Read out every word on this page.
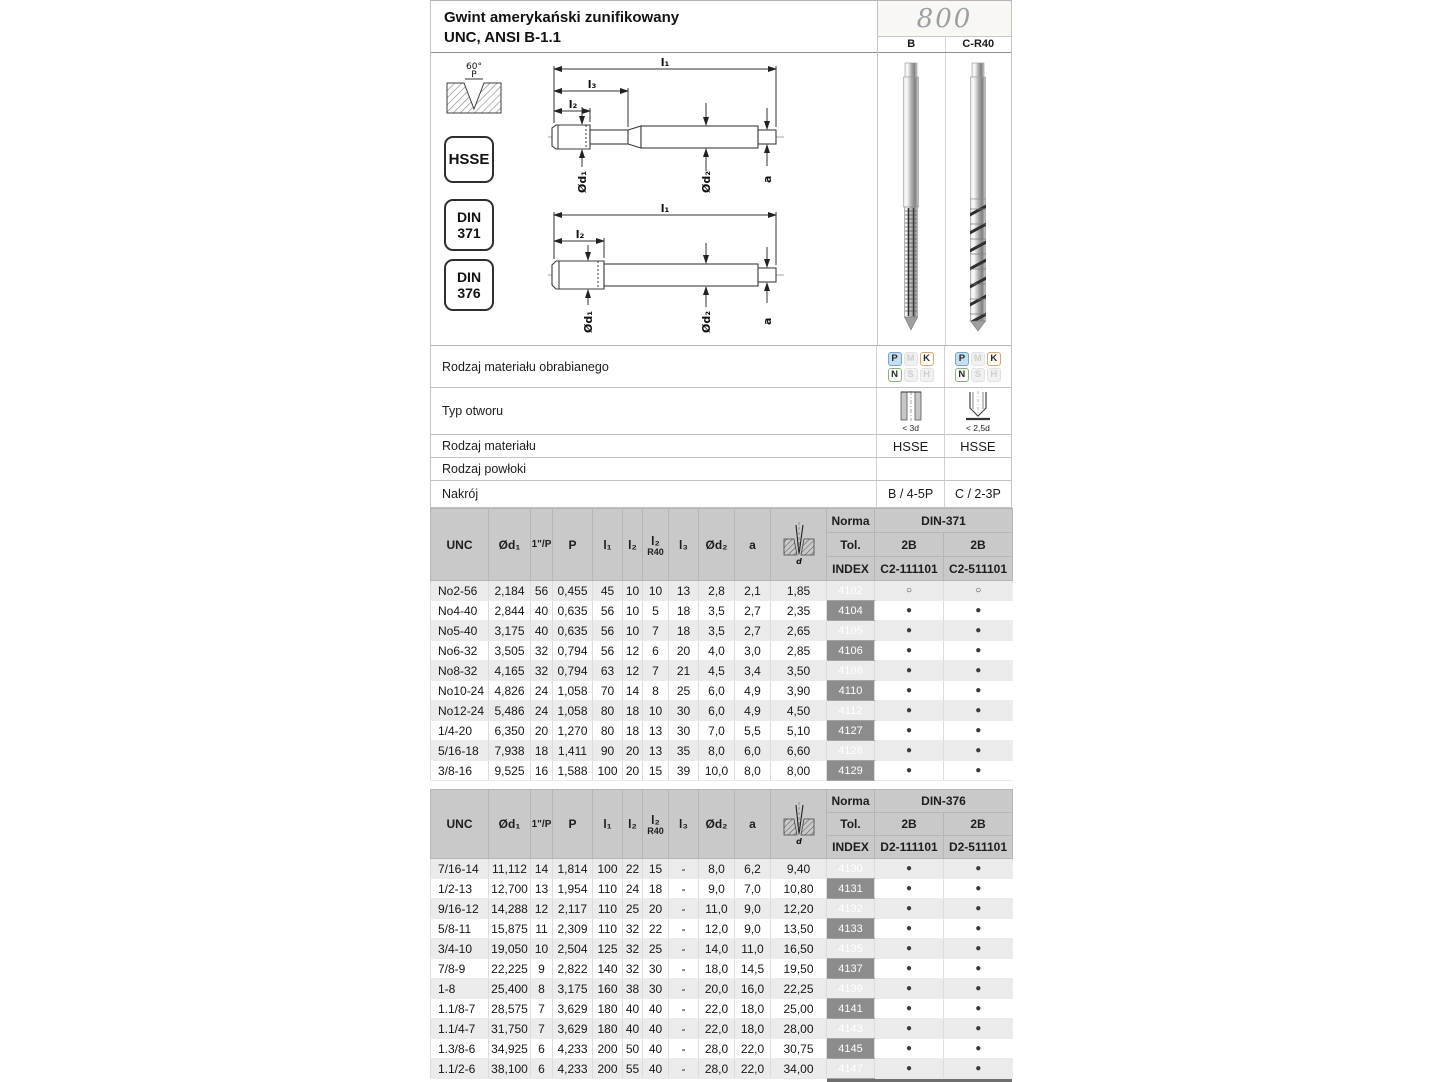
Gwint amerykański zunifikowany
UNC, ANSI B-1.1
60°
P
HSSE
DIN
371
DIN
376
l₁
l₃
l₂
Ød₁	Ød₂	a
l₁
l₂
Ød₁	Ød₂	a
800
B	C-R40
Rodzaj materiału obrabianego
P M K
N S H
P M K
N S H
Typ otworu
< 3d	< 2,5d
Rodzaj materiału	HSSE	HSSE
Rodzaj powłoki
Nakrój	B / 4-5P	C / 2-3P
UNC	Ød₁	1"/P	P	l₁	l₂	l₂
R40	l₃	Ød₂	a	d	Norma	DIN-371	
											Tol.	2B	2B
											INDEX	C2-111101	C2-511101
No2-56	2,184	56	0,455	45	10	10	13	2,8	2,1	1,85	4102	○	○
No4-40	2,844	40	0,635	56	10	5	18	3,5	2,7	2,35	4104	●	●
No5-40	3,175	40	0,635	56	10	7	18	3,5	2,7	2,65	4105	●	●
No6-32	3,505	32	0,794	56	12	6	20	4,0	3,0	2,85	4106	●	●
No8-32	4,165	32	0,794	63	12	7	21	4,5	3,4	3,50	4108	●	●
No10-24	4,826	24	1,058	70	14	8	25	6,0	4,9	3,90	4110	●	●
No12-24	5,486	24	1,058	80	18	10	30	6,0	4,9	4,50	4112	●	●
1/4-20	6,350	20	1,270	80	18	13	30	7,0	5,5	5,10	4127	●	●
5/16-18	7,938	18	1,411	90	20	13	35	8,0	6,0	6,60	4128	●	●
3/8-16	9,525	16	1,588	100	20	15	39	10,0	8,0	8,00	4129	●	●
UNC	Ød₁	1"/P	P	l₁	l₂	l₂
R40	l₃	Ød₂	a	d	Norma	DIN-376	
											Tol.	2B	2B
											INDEX	D2-111101	D2-511101
7/16-14	11,112	14	1,814	100	22	15	-	8,0	6,2	9,40	4130	●	●
1/2-13	12,700	13	1,954	110	24	18	-	9,0	7,0	10,80	4131	●	●
9/16-12	14,288	12	2,117	110	25	20	-	11,0	9,0	12,20	4132	●	●
5/8-11	15,875	11	2,309	110	32	22	-	12,0	9,0	13,50	4133	●	●
3/4-10	19,050	10	2,504	125	32	25	-	14,0	11,0	16,50	4135	●	●
7/8-9	22,225	9	2,822	140	32	30	-	18,0	14,5	19,50	4137	●	●
1-8	25,400	8	3,175	160	38	30	-	20,0	16,0	22,25	4139	●	●
1.1/8-7	28,575	7	3,629	180	40	40	-	22,0	18,0	25,00	4141	●	●
1.1/4-7	31,750	7	3,629	180	40	40	-	22,0	18,0	28,00	4143	●	●
1.3/8-6	34,925	6	4,233	200	50	40	-	28,0	22,0	30,75	4145	●	●
1.1/2-6	38,100	6	4,233	200	55	40	-	28,0	22,0	34,00	4147	●	●
